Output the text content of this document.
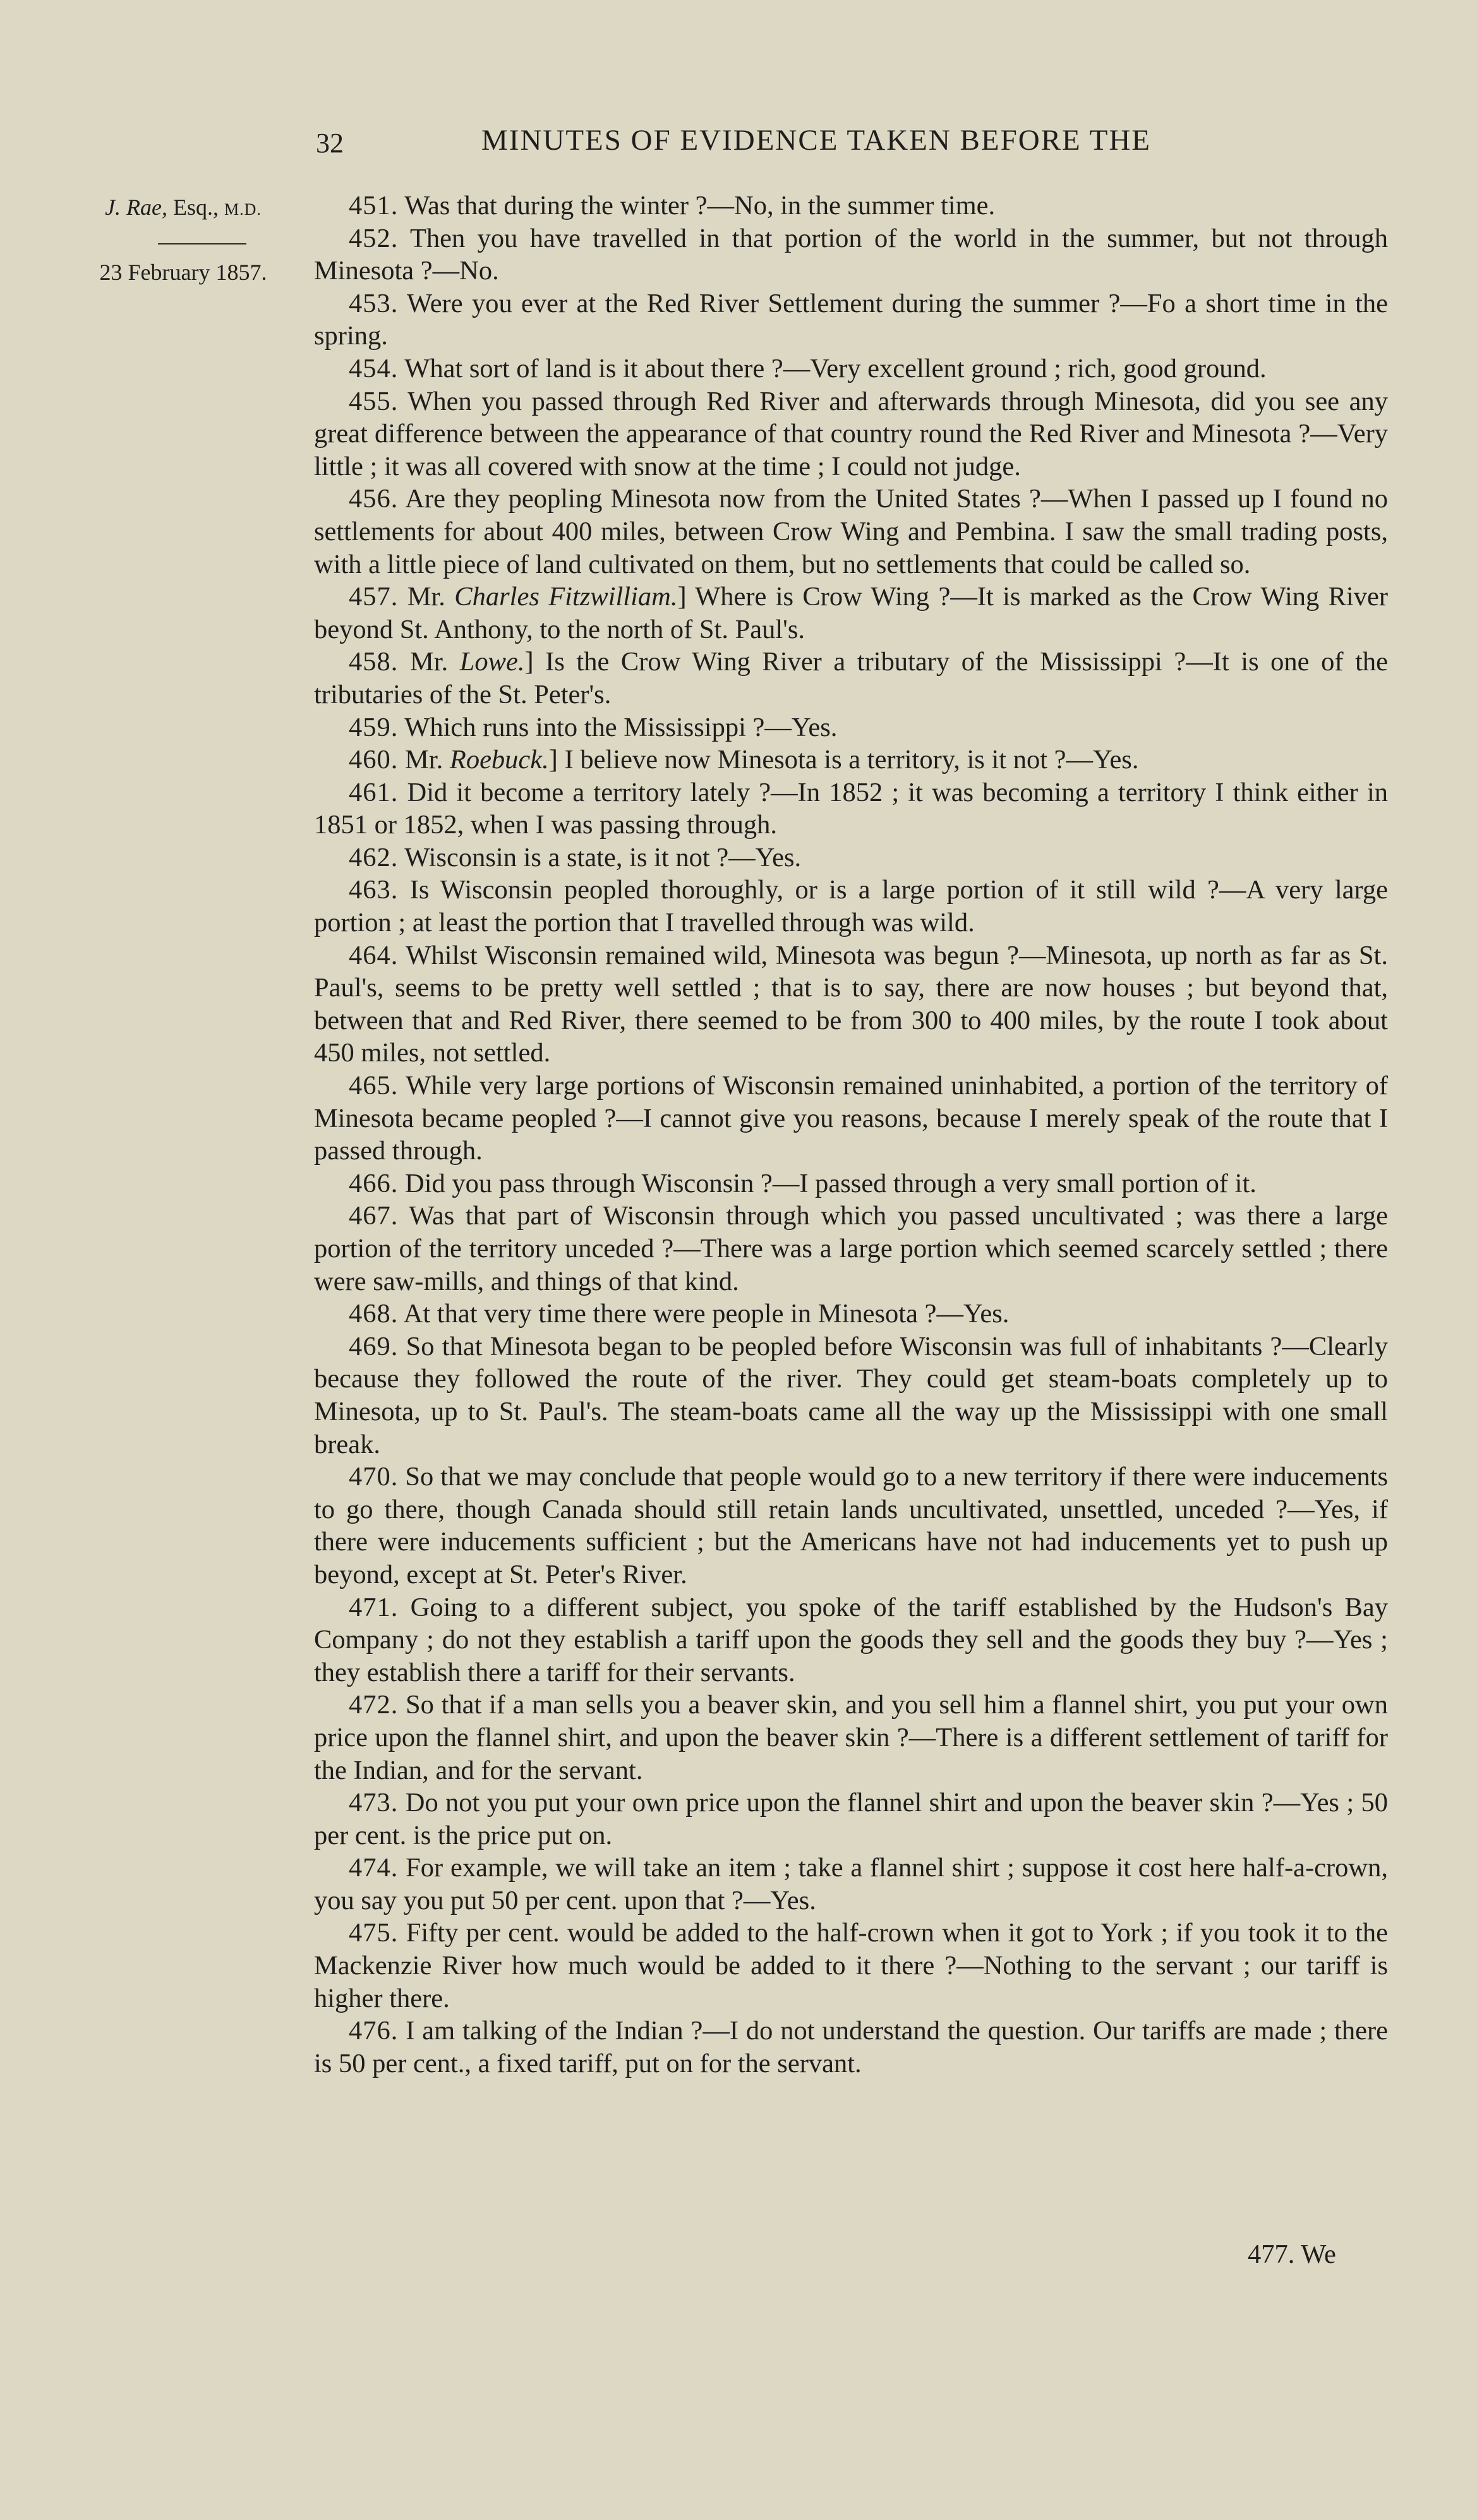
32	MINUTES OF EVIDENCE TAKEN BEFORE THE
J. Rae, Esq., M.D.
23 February 1857.

451. Was that during the winter ?—No, in the summer time.

452. Then you have travelled in that portion of the world in the summer, but not through Minesota ?—No.

453. Were you ever at the Red River Settlement during the summer ?—Fo a short time in the spring.

454. What sort of land is it about there ?—Very excellent ground ; rich, good ground.

455. When you passed through Red River and afterwards through Minesota, did you see any great difference between the appearance of that country round the Red River and Minesota ?—Very little ; it was all covered with snow at the time ; I could not judge.

456. Are they peopling Minesota now from the United States ?—When I passed up I found no settlements for about 400 miles, between Crow Wing and Pembina. I saw the small trading posts, with a little piece of land cultivated on them, but no settlements that could be called so.

457. Mr. Charles Fitzwilliam.] Where is Crow Wing ?—It is marked as the Crow Wing River beyond St. Anthony, to the north of St. Paul's.

458. Mr. Lowe.] Is the Crow Wing River a tributary of the Mississippi ?—It is one of the tributaries of the St. Peter's.

459. Which runs into the Mississippi ?—Yes.

460. Mr. Roebuck.] I believe now Minesota is a territory, is it not ?—Yes.

461. Did it become a territory lately ?—In 1852 ; it was becoming a territory I think either in 1851 or 1852, when I was passing through.

462. Wisconsin is a state, is it not ?—Yes.

463. Is Wisconsin peopled thoroughly, or is a large portion of it still wild ?—A very large portion ; at least the portion that I travelled through was wild.

464. Whilst Wisconsin remained wild, Minesota was begun ?—Minesota, up north as far as St. Paul's, seems to be pretty well settled ; that is to say, there are now houses ; but beyond that, between that and Red River, there seemed to be from 300 to 400 miles, by the route I took about 450 miles, not settled.

465. While very large portions of Wisconsin remained uninhabited, a portion of the territory of Minesota became peopled ?—I cannot give you reasons, because I merely speak of the route that I passed through.

466. Did you pass through Wisconsin ?—I passed through a very small portion of it.

467. Was that part of Wisconsin through which you passed uncultivated ; was there a large portion of the territory unceded ?—There was a large portion which seemed scarcely settled ; there were saw-mills, and things of that kind.

468. At that very time there were people in Minesota ?—Yes.

469. So that Minesota began to be peopled before Wisconsin was full of inhabitants ?—Clearly because they followed the route of the river. They could get steam-boats completely up to Minesota, up to St. Paul's. The steam-boats came all the way up the Mississippi with one small break.

470. So that we may conclude that people would go to a new territory if there were inducements to go there, though Canada should still retain lands uncultivated, unsettled, unceded ?—Yes, if there were inducements sufficient ; but the Americans have not had inducements yet to push up beyond, except at St. Peter's River.

471. Going to a different subject, you spoke of the tariff established by the Hudson's Bay Company ; do not they establish a tariff upon the goods they sell and the goods they buy ?—Yes ; they establish there a tariff for their servants.

472. So that if a man sells you a beaver skin, and you sell him a flannel shirt, you put your own price upon the flannel shirt, and upon the beaver skin ?—There is a different settlement of tariff for the Indian, and for the servant.

473. Do not you put your own price upon the flannel shirt and upon the beaver skin ?—Yes ; 50 per cent. is the price put on.

474. For example, we will take an item ; take a flannel shirt ; suppose it cost here half-a-crown, you say you put 50 per cent. upon that ?—Yes.

475. Fifty per cent. would be added to the half-crown when it got to York ; if you took it to the Mackenzie River how much would be added to it there ?—Nothing to the servant ; our tariff is higher there.

476. I am talking of the Indian ?—I do not understand the question. Our tariffs are made ; there is 50 per cent., a fixed tariff, put on for the servant.

477. We
